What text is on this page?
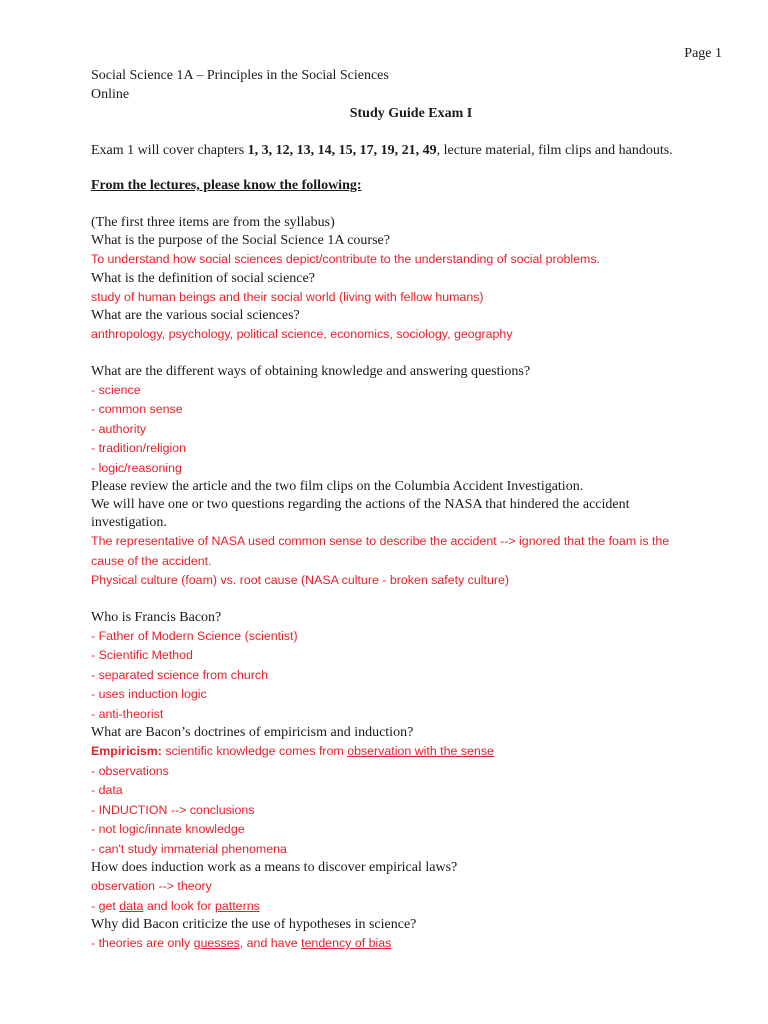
Page 1
Social Science 1A – Principles in the Social Sciences
Online
Study Guide Exam I
Exam 1 will cover chapters 1, 3, 12, 13, 14, 15, 17, 19, 21, 49, lecture material, film clips and handouts.
From the lectures, please know the following:
(The first three items are from the syllabus)
What is the purpose of the Social Science 1A course?
To understand how social sciences depict/contribute to the understanding of social problems.
What is the definition of social science?
study of human beings and their social world (living with fellow humans)
What are the various social sciences?
anthropology, psychology, political science, economics, sociology, geography
What are the different ways of obtaining knowledge and answering questions?
- science
- common sense
- authority
- tradition/religion
- logic/reasoning
Please review the article and the two film clips on the Columbia Accident Investigation.
We will have one or two questions regarding the actions of the NASA that hindered the accident
investigation.
The representative of NASA used common sense to describe the accident --> ignored that the foam is the
cause of the accident.
Physical culture (foam) vs. root cause (NASA culture - broken safety culture)
Who is Francis Bacon?
- Father of Modern Science (scientist)
- Scientific Method
- separated science from church
- uses induction logic
- anti-theorist
What are Bacon’s doctrines of empiricism and induction?
Empiricism: scientific knowledge comes from observation with the sense
- observations
- data
- INDUCTION --> conclusions
- not logic/innate knowledge
- can't study immaterial phenomena
How does induction work as a means to discover empirical laws?
observation --> theory
- get data and look for patterns
Why did Bacon criticize the use of hypotheses in science?
- theories are only guesses, and have tendency of bias
